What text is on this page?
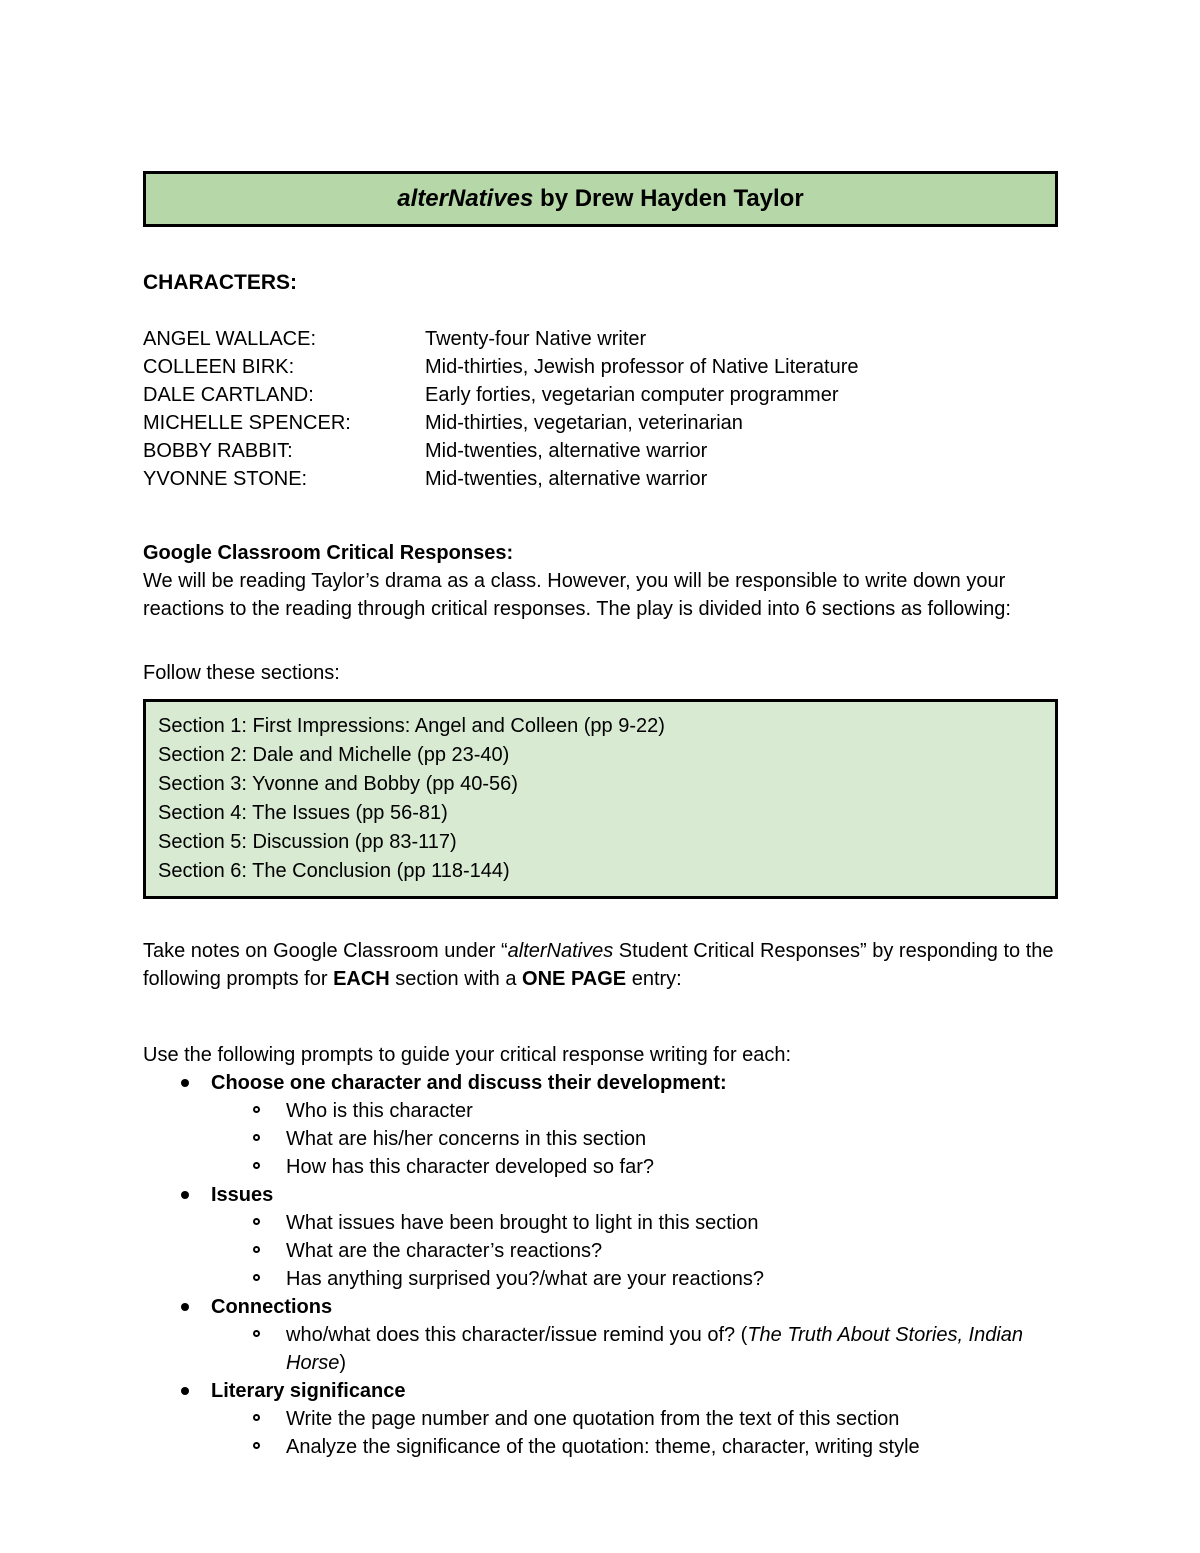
alterNatives by Drew Hayden Taylor
CHARACTERS:
ANGEL WALLACE:	Twenty-four Native writer
COLLEEN BIRK:	Mid-thirties, Jewish professor of Native Literature
DALE CARTLAND:	Early forties, vegetarian computer programmer
MICHELLE SPENCER:	Mid-thirties, vegetarian, veterinarian
BOBBY RABBIT:	Mid-twenties, alternative warrior
YVONNE STONE:	Mid-twenties, alternative warrior
Google Classroom Critical Responses:
We will be reading Taylor’s drama as a class. However, you will be responsible to write down your reactions to the reading through critical responses. The play is divided into 6 sections as following:
Follow these sections:
Section 1: First Impressions: Angel and Colleen (pp 9-22)
Section 2: Dale and Michelle (pp 23-40)
Section 3: Yvonne and Bobby (pp 40-56)
Section 4: The Issues (pp 56-81)
Section 5: Discussion (pp 83-117)
Section 6: The Conclusion (pp 118-144)
Take notes on Google Classroom under “alterNatives Student Critical Responses” by responding to the following prompts for EACH section with a ONE PAGE entry:
Use the following prompts to guide your critical response writing for each:
Choose one character and discuss their development:
Who is this character
What are his/her concerns in this section
How has this character developed so far?
Issues
What issues have been brought to light in this section
What are the character’s reactions?
Has anything surprised you?/what are your reactions?
Connections
who/what does this character/issue remind you of? (The Truth About Stories, Indian Horse)
Literary significance
Write the page number and one quotation from the text of this section
Analyze the significance of the quotation: theme, character, writing style
